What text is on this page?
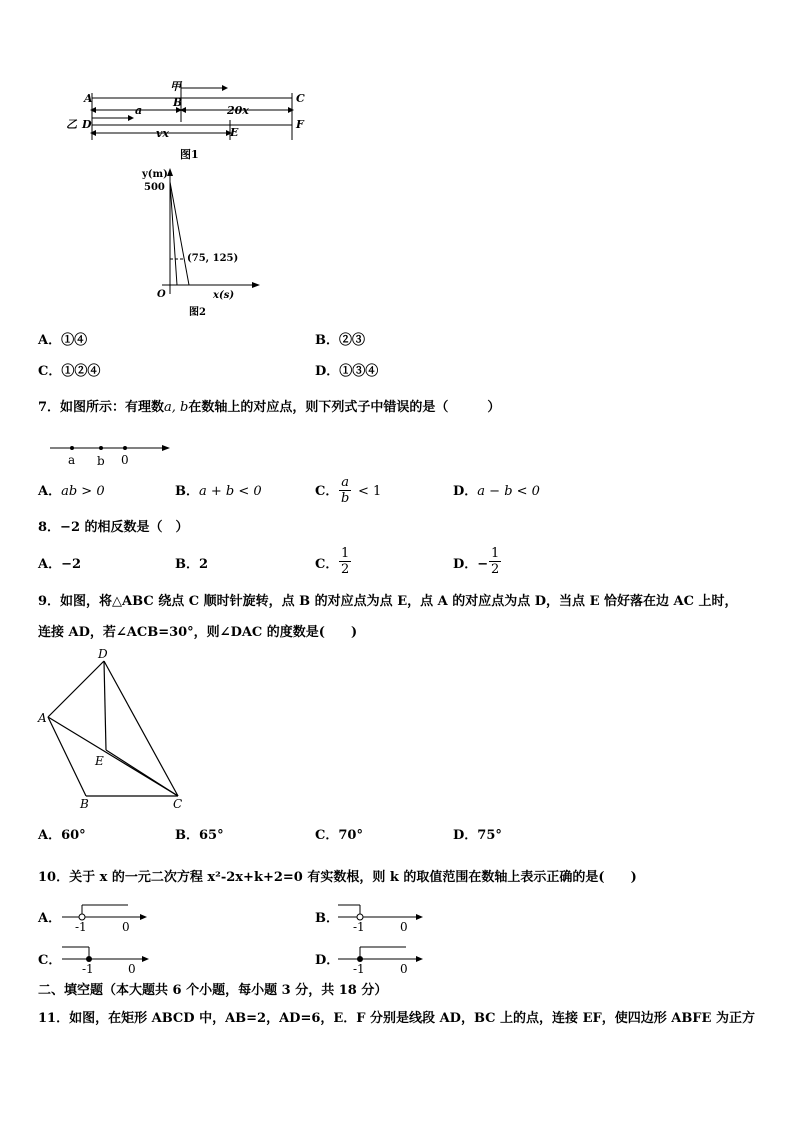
甲
乙
A	B	C
D
E
F
a	20x
vx
图1
y(m)
500
(75, 125)
O	x(s)
图2
A．①④	B．②③
C．①②④	D．①③④
7．如图所示：有理数a, b在数轴上的对应点，则下列式子中错误的是（　　　）
a b 0
A．ab > 0	B．a + b < 0	C． $\frac{a}{b} < 1$	D．a − b < 0
8．−2 的相反数是（　）
A．−2	B．2	C． $\frac{1}{2}$	D．− $\frac{1}{2}$
9．如图，将△ABC 绕点 C 顺时针旋转，点 B 的对应点为点 E，点 A 的对应点为点 D，当点 E 恰好落在边 AC 上时，
连接 AD，若∠ACB=30°，则∠DAC 的度数是(　　)
D
A
E
B	C
A．60°	B．65°	C．70°	D．75°
10．关于 x 的一元二次方程 x²-2x+k+2=0 有实数根，则 k 的取值范围在数轴上表示正确的是(　　)
A．
-1	0
B．
-1	0
C．
-1	0
D．
-1	0
二、填空题（本大题共 6 个小题，每小题 3 分，共 18 分）
11．如图，在矩形 ABCD 中，AB=2，AD=6，E．F 分别是线段 AD，BC 上的点，连接 EF，使四边形 ABFE 为正方
